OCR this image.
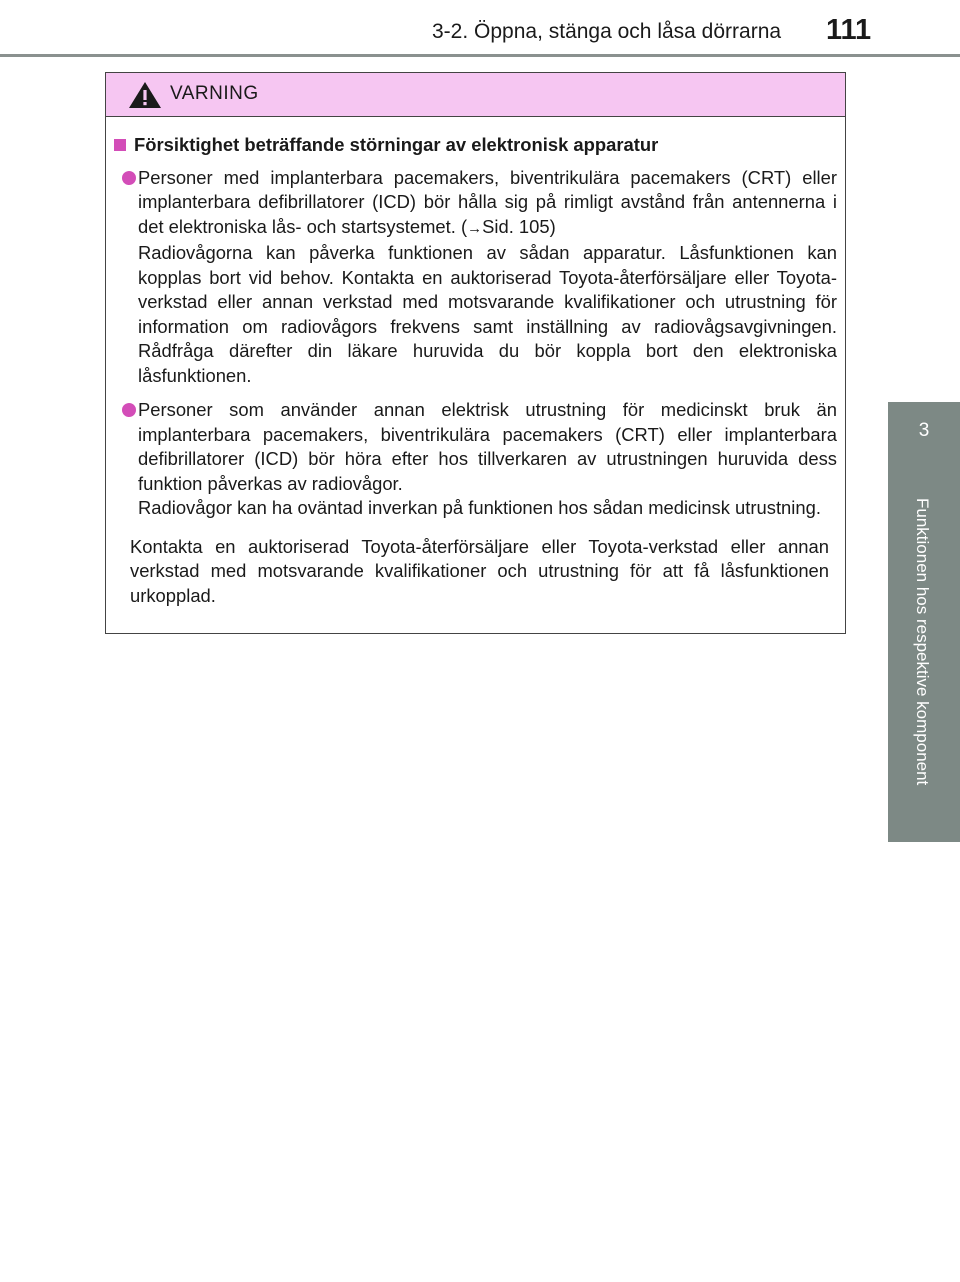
3-2. Öppna, stänga och låsa dörrarna 111
3
Funktionen hos respektive komponent
VARNING
Försiktighet beträffande störningar av elektronisk apparatur

Personer med implanterbara pacemakers, biventrikulära pacemakers (CRT) eller implanterbara defibrillatorer (ICD) bör hålla sig på rimligt avstånd från antennerna i det elektroniska lås- och startsystemet. (→Sid. 105)

Radiovågorna kan påverka funktionen av sådan apparatur. Låsfunktionen kan kopplas bort vid behov. Kontakta en auktoriserad Toyota-återförsäljare eller Toyota-verkstad eller annan verkstad med motsvarande kvalifikationer och utrustning för information om radiovågors frekvens samt inställning av radiovågsavgivningen. Rådfråga därefter din läkare huruvida du bör koppla bort den elektroniska låsfunktionen.

Personer som använder annan elektrisk utrustning för medicinskt bruk än implanterbara pacemakers, biventrikulära pacemakers (CRT) eller implanterbara defibrillatorer (ICD) bör höra efter hos tillverkaren av utrustningen huruvida dess funktion påverkas av radiovågor.

Radiovågor kan ha oväntad inverkan på funktionen hos sådan medicinsk utrustning.

Kontakta en auktoriserad Toyota-återförsäljare eller Toyota-verkstad eller annan verkstad med motsvarande kvalifikationer och utrustning för att få låsfunktionen urkopplad.
